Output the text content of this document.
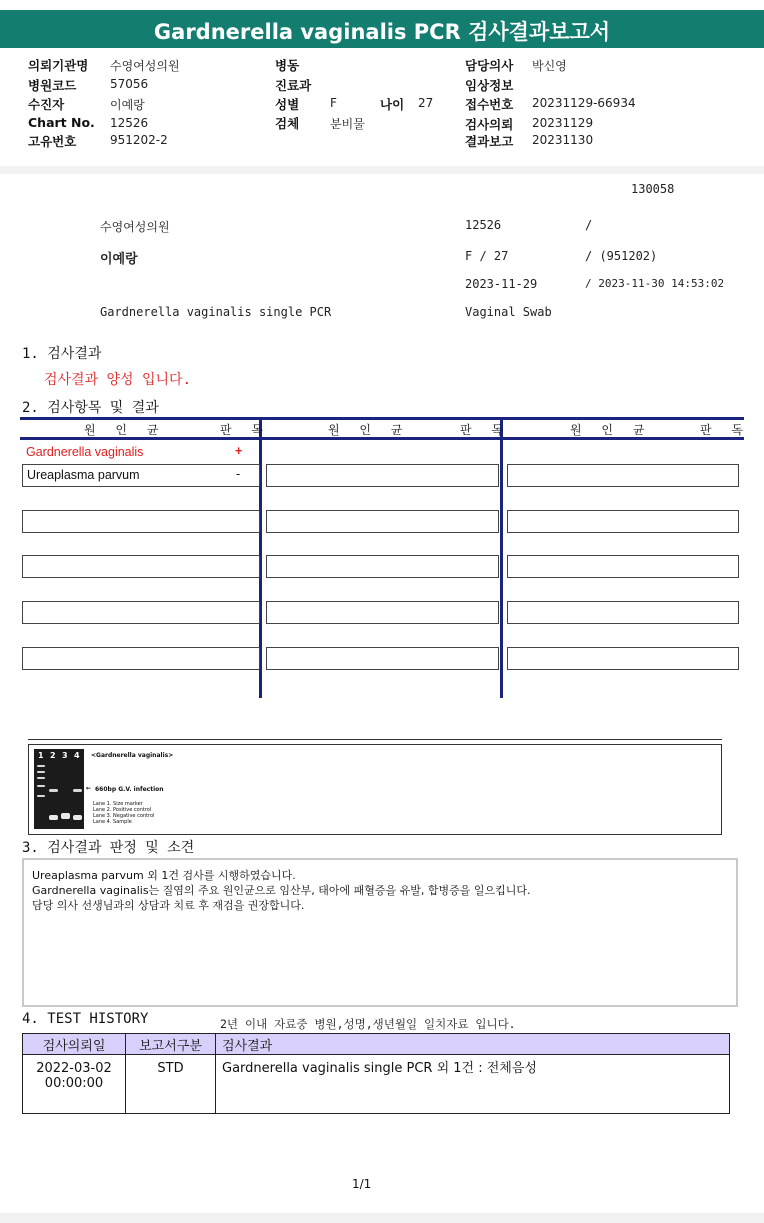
Gardnerella vaginalis PCR 검사결과보고서
의뢰기관명 수영여성의원
병원코드	57056
수진자	이예랑
Chart No. 12526
고유번호	951202-2
병동
진료과
성별	F	나이 27
검체	분비물
담당의사 박신영
임상정보
접수번호 20231129-66934
검사의뢰 20231129
결과보고 20231130
130058
수영여성의원	12526	/
이예랑	F / 27	/ (951202)
2023-11-29	/ 2023-11-30 14:53:02
Gardnerella vaginalis single PCR	Vaginal Swab
1. 검사결과
검사결과 양성 입니다.
2. 검사항목 및 결과
원 인 균	판 독	원 인 균	판 독	원 인 균	판 독
Gardnerella vaginalis	+
Ureaplasma parvum	-
1 2 3 4 <Gardnerella vaginalis>
← 660bp G.V. infection
Lane 1. Size marker
Lane 2. Positive control
Lane 3. Negative control
Lane 4. Sample
3. 검사결과 판정 및 소견
Ureaplasma parvum 외 1건 검사를 시행하였습니다.
Gardnerella vaginalis는 질염의 주요 원인균으로 임산부, 태아에 패혈증을 유발, 합병증을 일으킵니다.
담당 의사 선생님과의 상담과 치료 후 재검을 권장합니다.
4. TEST HISTORY	2년 이내 자료중 병원,성명,생년월일 일치자료 입니다.
검사의뢰일	보고서구분	검사결과

2022-03-02
00:00:00	STD	Gardnerella vaginalis single PCR 외 1건 : 전체음성
1/1
